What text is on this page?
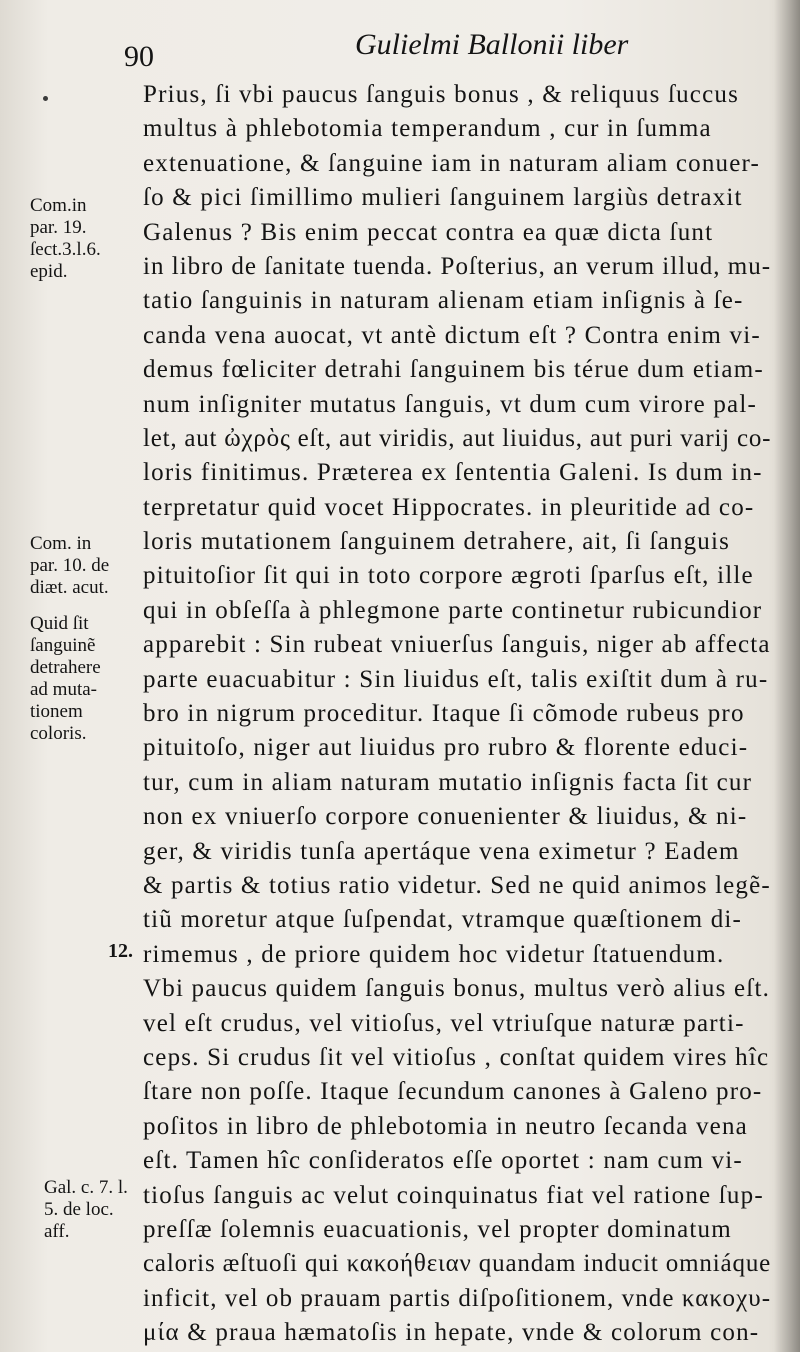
90	Gulielmi Ballonii liber
Prius, ſi vbi paucus ſanguis bonus , & reliquus ſuccus
multus à phlebotomia temperandum , cur in ſumma
extenuatione, & ſanguine iam in naturam aliam conuer-
ſo & pici ſimillimo mulieri ſanguinem largiùs detraxit
Galenus ? Bis enim peccat contra ea quæ dicta ſunt
in libro de ſanitate tuenda. Poſterius, an verum illud, mu-
tatio ſanguinis in naturam alienam etiam inſignis à ſe-
canda vena auocat, vt antè dictum eſt ? Contra enim vi-
demus fœliciter detrahi ſanguinem bis térue dum etiam-
num inſigniter mutatus ſanguis, vt dum cum virore pal-
let, aut ὠχρὸς eſt, aut viridis, aut liuidus, aut puri varij co-
loris finitimus. Præterea ex ſententia Galeni. Is dum in-
terpretatur quid vocet Hippocrates. in pleuritide ad co-
loris mutationem ſanguinem detrahere, ait, ſi ſanguis
pituitoſior ſit qui in toto corpore ægroti ſparſus eſt, ille
qui in obſeſſa à phlegmone parte continetur rubicundior
apparebit : Sin rubeat vniuerſus ſanguis, niger ab affecta
parte euacuabitur : Sin liuidus eſt, talis exiſtit dum à ru-
bro in nigrum proceditur. Itaque ſi cõmode rubeus pro
pituitoſo, niger aut liuidus pro rubro & florente educi-
tur, cum in aliam naturam mutatio inſignis facta ſit cur
non ex vniuerſo corpore conuenienter & liuidus, & ni-
ger, & viridis tunſa apertáque vena eximetur ? Eadem
& partis & totius ratio videtur. Sed ne quid animos legẽ-
tiũ moretur atque ſuſpendat, vtramque quæſtionem di-
rimemus , de priore quidem hoc videtur ſtatuendum.
Vbi paucus quidem ſanguis bonus, multus verò alius eſt.
vel eſt crudus, vel vitioſus, vel vtriuſque naturæ parti-
ceps. Si crudus ſit vel vitioſus , conſtat quidem vires hîc
ſtare non poſſe. Itaque ſecundum canones à Galeno pro-
poſitos in libro de phlebotomia in neutro ſecanda vena
eſt. Tamen hîc conſideratos eſſe oportet : nam cum vi-
tioſus ſanguis ac velut coinquinatus fiat vel ratione ſup-
preſſæ ſolemnis euacuationis, vel propter dominatum
caloris æſtuoſi qui κακοήθειαν quandam inducit omniáque
inficit, vel ob prauam partis diſpoſitionem, vnde κακοχυ-
μία & praua hæmatoſis in hepate, vnde & colorum con-
Com.in
par. 19.
ſect.3.l.6.
epid.
Com. in
par. 10. de
diæt. acut.
Quid ſit
ſanguinẽ
detrahere
ad muta-
tionem
coloris.
Gal. c. 7. l.
5. de loc.
aff.
12.
